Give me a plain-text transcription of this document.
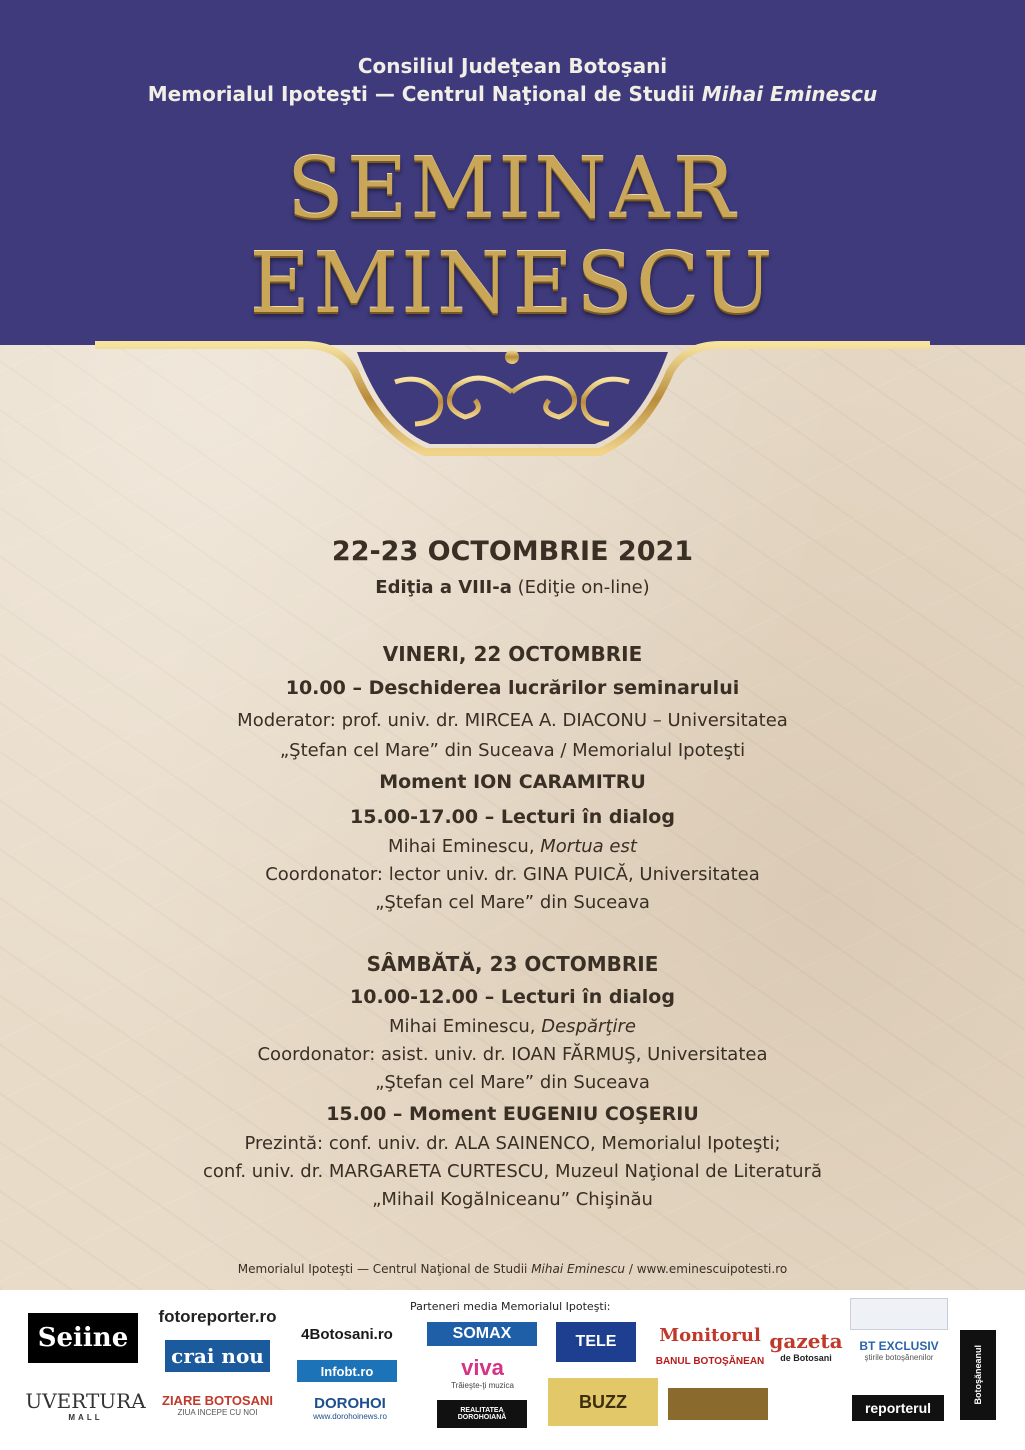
Consiliul Judeţean Botoşani
Memorialul Ipoteşti — Centrul Naţional de Studii Mihai Eminescu
SEMINAR
EMINESCU
22-23 OCTOMBRIE 2021
Ediţia a VIII-a (Ediţie on-line)
VINERI, 22 OCTOMBRIE
10.00 – Deschiderea lucrărilor seminarului
Moderator: prof. univ. dr. MIRCEA A. DIACONU – Universitatea
„Ştefan cel Mare” din Suceava / Memorialul Ipoteşti
Moment ION CARAMITRU
15.00-17.00 – Lecturi în dialog
Mihai Eminescu, Mortua est
Coordonator: lector univ. dr. GINA PUICĂ, Universitatea
„Ştefan cel Mare” din Suceava
SÂMBĂTĂ, 23 OCTOMBRIE
10.00-12.00 – Lecturi în dialog
Mihai Eminescu, Despărţire
Coordonator: asist. univ. dr. IOAN FĂRMUŞ, Universitatea
„Ştefan cel Mare” din Suceava
15.00 – Moment EUGENIU COŞERIU
Prezintă: conf. univ. dr. ALA SAINENCO, Memorialul Ipoteşti;
conf. univ. dr. MARGARETA CURTESCU, Muzeul Naţional de Literatură
„Mihail Kogălniceanu” Chişinău
Memorialul Ipoteşti — Centrul Naţional de Studii Mihai Eminescu / www.eminescuipotesti.ro
Parteneri media Memorialul Ipoteşti:
Seiine
UVERTURA
MALL
fotoreporter.ro
crai nou
ZIARE BOTOSANI
ZIUA INCEPE CU NOI
4Botosani.ro
Infobt.ro
DOROHOI
www.dorohoinews.ro
SOMAX
viva
Trăieşte-ţi muzica
REALITATEA DOROHOIANĂ
TELE
BUZZ
Monitorul
BANUL BOTOŞĂNEAN
gazeta
de Botosani
BT EXCLUSIV
ştirile botoşănenilor
reporterul
Botoşăneanul
